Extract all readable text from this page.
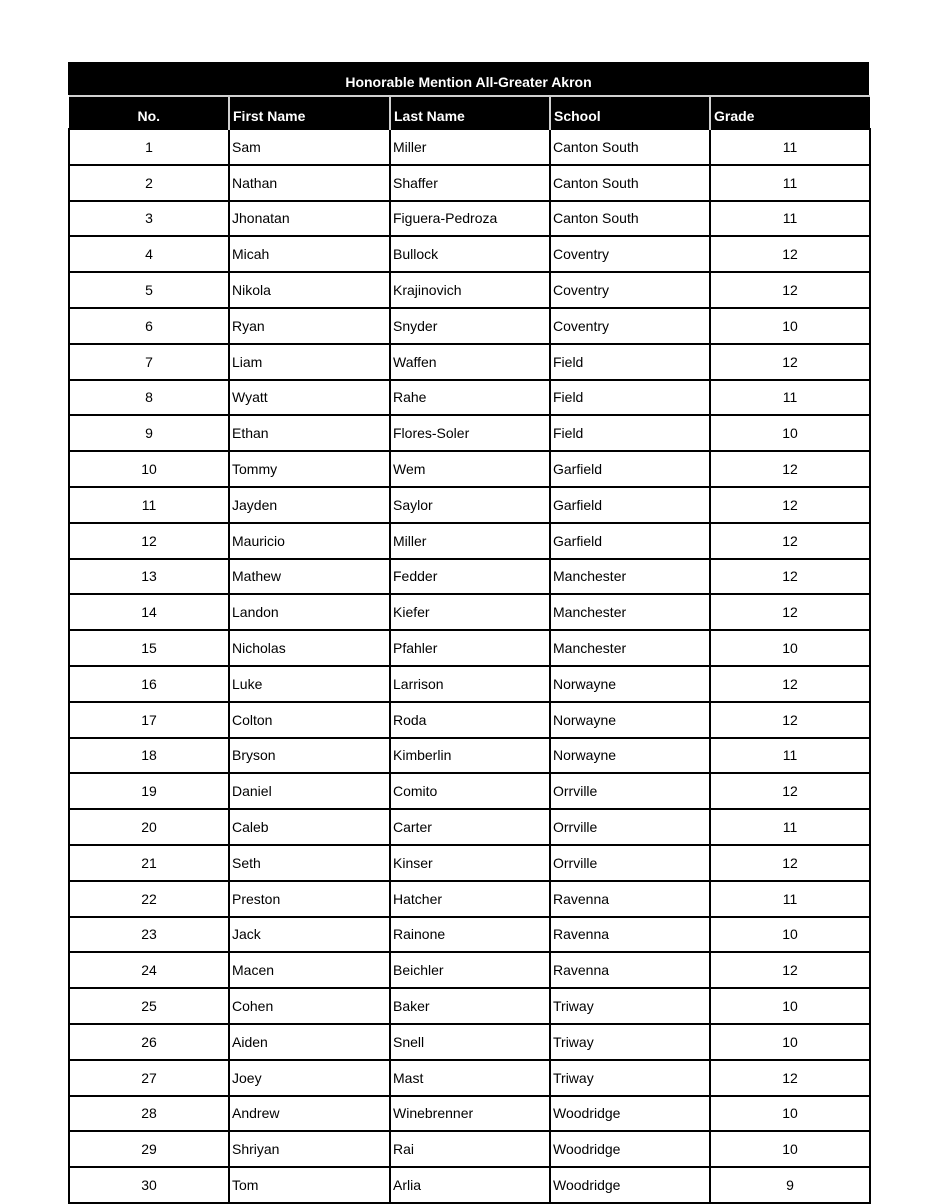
Honorable Mention All-Greater Akron
No.	First Name	Last Name	School	Grade
1	Sam	Miller	Canton South	11
2	Nathan	Shaffer	Canton South	11
3	Jhonatan	Figuera-Pedroza	Canton South	11
4	Micah	Bullock	Coventry	12
5	Nikola	Krajinovich	Coventry	12
6	Ryan	Snyder	Coventry	10
7	Liam	Waffen	Field	12
8	Wyatt	Rahe	Field	11
9	Ethan	Flores-Soler	Field	10
10	Tommy	Wem	Garfield	12
11	Jayden	Saylor	Garfield	12
12	Mauricio	Miller	Garfield	12
13	Mathew	Fedder	Manchester	12
14	Landon	Kiefer	Manchester	12
15	Nicholas	Pfahler	Manchester	10
16	Luke	Larrison	Norwayne	12
17	Colton	Roda	Norwayne	12
18	Bryson	Kimberlin	Norwayne	11
19	Daniel	Comito	Orrville	12
20	Caleb	Carter	Orrville	11
21	Seth	Kinser	Orrville	12
22	Preston	Hatcher	Ravenna	11
23	Jack	Rainone	Ravenna	10
24	Macen	Beichler	Ravenna	12
25	Cohen	Baker	Triway	10
26	Aiden	Snell	Triway	10
27	Joey	Mast	Triway	12
28	Andrew	Winebrenner	Woodridge	10
29	Shriyan	Rai	Woodridge	10
30	Tom	Arlia	Woodridge	9
